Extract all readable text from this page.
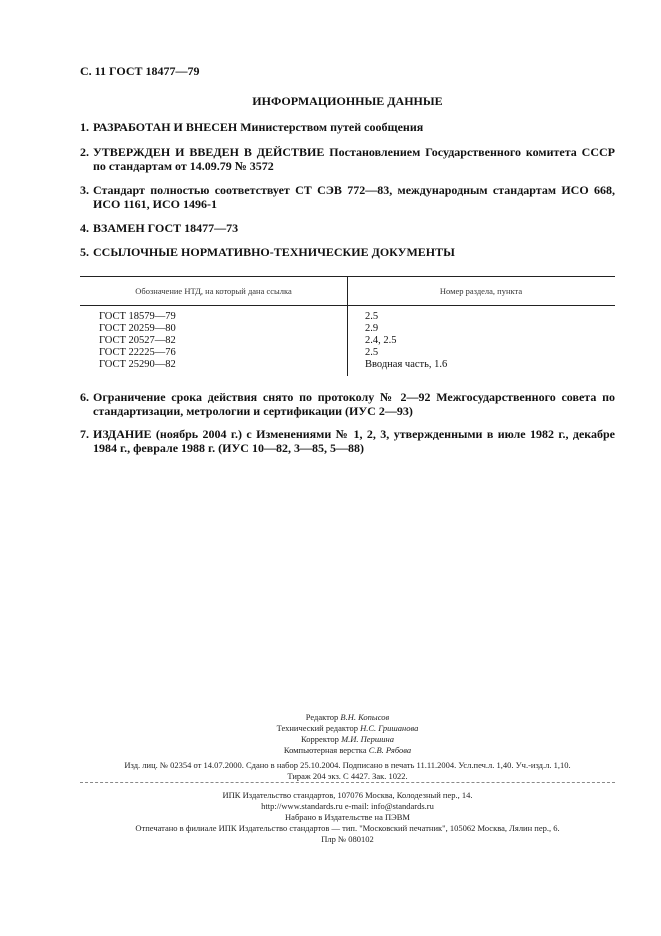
С. 11 ГОСТ 18477—79
ИНФОРМАЦИОННЫЕ ДАННЫЕ
1. РАЗРАБОТАН И ВНЕСЕН Министерством путей сообщения
2. УТВЕРЖДЕН И ВВЕДЕН В ДЕЙСТВИЕ Постановлением Государственного комитета СССР по стандартам от 14.09.79 № 3572
3. Стандарт полностью соответствует СТ СЭВ 772—83, международным стандартам ИСО 668, ИСО 1161, ИСО 1496-1
4. ВЗАМЕН ГОСТ 18477—73
5. ССЫЛОЧНЫЕ НОРМАТИВНО-ТЕХНИЧЕСКИЕ ДОКУМЕНТЫ
Обозначение НТД, на который дана ссылка	Номер раздела, пункта
ГОСТ 18579—79	2.5
ГОСТ 20259—80	2.9
ГОСТ 20527—82	2.4, 2.5
ГОСТ 22225—76	2.5
ГОСТ 25290—82	Вводная часть, 1.6
6. Ограничение срока действия снято по протоколу № 2—92 Межгосударственного совета по стандартизации, метрологии и сертификации (ИУС 2—93)
7. ИЗДАНИЕ (ноябрь 2004 г.) с Изменениями № 1, 2, 3, утвержденными в июле 1982 г., декабре 1984 г., феврале 1988 г. (ИУС 10—82, 3—85, 5—88)
Редактор В.Н. Копысов
Технический редактор Н.С. Гришанова
Корректор М.И. Першина
Компьютерная верстка С.В. Рябова
Изд. лиц. № 02354 от 14.07.2000. Сдано в набор 25.10.2004. Подписано в печать 11.11.2004. Усл.печ.л. 1,40. Уч.-изд.л. 1,10.
Тираж 204 экз. С 4427. Зак. 1022.
ИПК Издательство стандартов, 107076 Москва, Колодезный пер., 14.
http://www.standards.ru e-mail: info@standards.ru
Набрано в Издательстве на ПЭВМ
Отпечатано в филиале ИПК Издательство стандартов — тип. "Московский печатник", 105062 Москва, Лялин пер., 6.
Плр № 080102
